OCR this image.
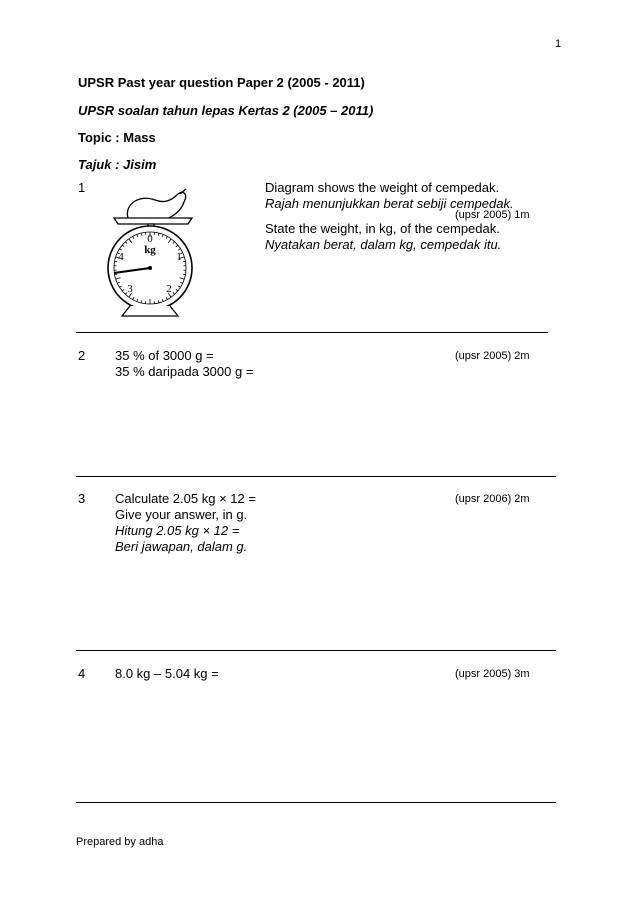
1
UPSR Past year question Paper 2 (2005 - 2011)
UPSR soalan tahun lepas Kertas 2 (2005 – 2011)
Topic : Mass
Tajuk : Jisim
1
0
kg
1
2
3
4
Diagram shows the weight of cempedak.
Rajah menunjukkan berat sebiji cempedak.
(upsr 2005) 1m
State the weight, in kg, of the cempedak.
Nyatakan berat, dalam kg, cempedak itu.
2 35 % of 3000 g =
35 % daripada 3000 g =
(upsr 2005) 2m
3 Calculate 2.05 kg × 12 =
Give your answer, in g.
Hitung 2.05 kg × 12 =
Beri jawapan, dalam g.
(upsr 2006) 2m
4 8.0 kg – 5.04 kg =	(upsr 2005) 3m
Prepared by adha
